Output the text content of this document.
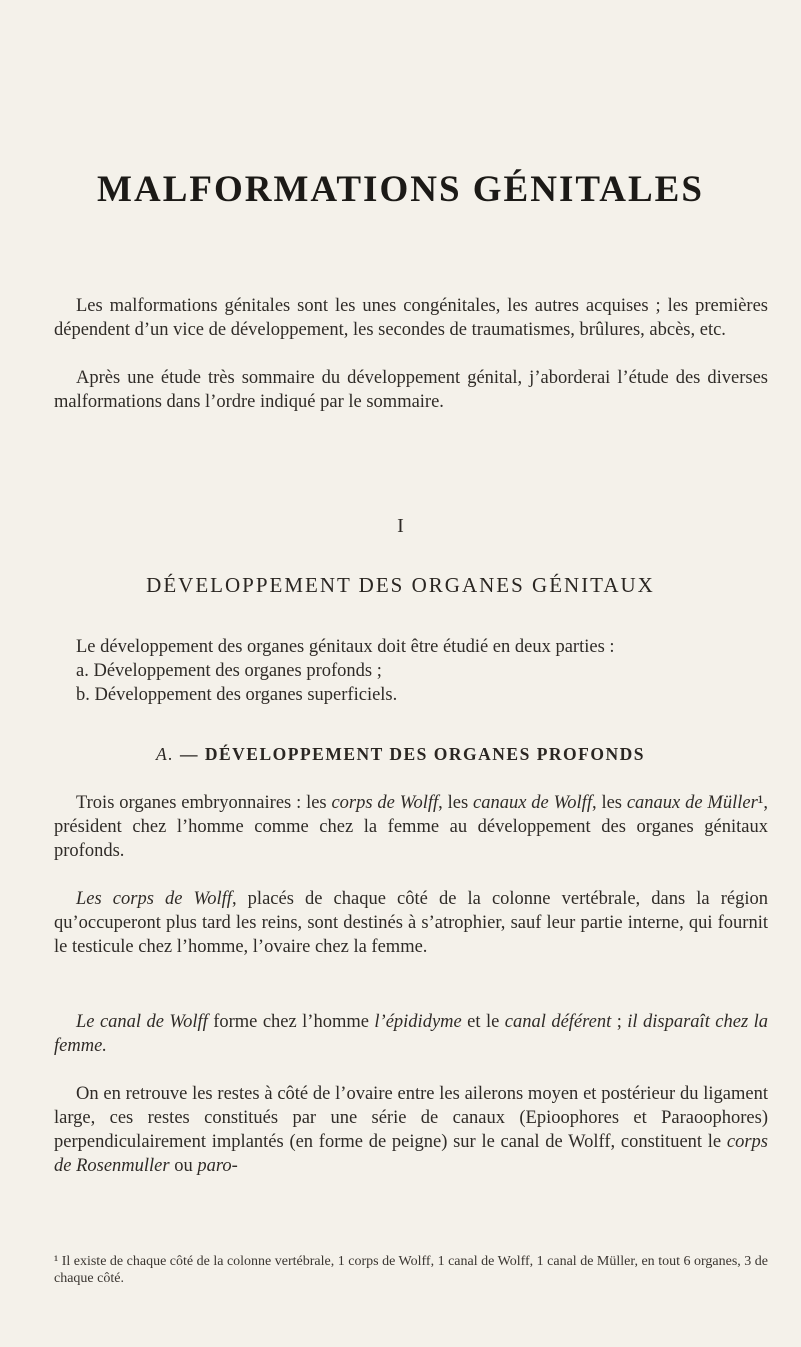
MALFORMATIONS GÉNITALES

Les malformations génitales sont les unes congénitales, les autres acquises ; les premières dépendent d’un vice de développement, les secondes de traumatismes, brûlures, abcès, etc.

Après une étude très sommaire du développement génital, j’aborderai l’étude des diverses malformations dans l’ordre indiqué par le sommaire.

I
DÉVELOPPEMENT DES ORGANES GÉNITAUX

Le développement des organes génitaux doit être étudié en deux parties :

a. Développement des organes profonds ;

b. Développement des organes superficiels.

A. — DÉVELOPPEMENT DES ORGANES PROFONDS

Trois organes embryonnaires : les corps de Wolff, les canaux de Wolff, les canaux de Müller¹, président chez l’homme comme chez la femme au développement des organes génitaux profonds.

Les corps de Wolff, placés de chaque côté de la colonne vertébrale, dans la région qu’occuperont plus tard les reins, sont destinés à s’atrophier, sauf leur partie interne, qui fournit le testicule chez l’homme, l’ovaire chez la femme.

Le canal de Wolff forme chez l’homme l’épididyme et le canal déférent ; il disparaît chez la femme.

On en retrouve les restes à côté de l’ovaire entre les ailerons moyen et postérieur du ligament large, ces restes constitués par une série de canaux (Epioophores et Paraoophores) perpendiculairement implantés (en forme de peigne) sur le canal de Wolff, constituent le corps de Rosenmuller ou paro-

¹ Il existe de chaque côté de la colonne vertébrale, 1 corps de Wolff, 1 canal de Wolff, 1 canal de Müller, en tout 6 organes, 3 de chaque côté.
